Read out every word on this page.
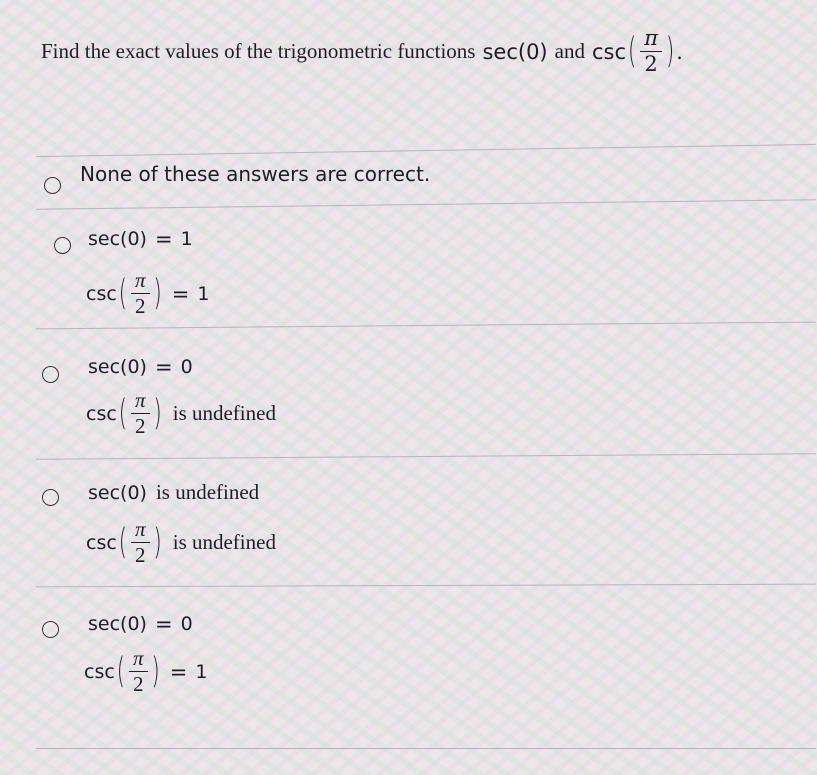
Find the exact values of the trigonometric functions sec(0) and csc ( $\frac{\pi}{2}$ ) .
None of these answers are correct.
sec(0) = 1
csc ( $\frac{\pi}{2}$ ) = 1
sec(0) = 0
csc ( $\frac{\pi}{2}$ ) is undefined
sec(0) is undefined
csc ( $\frac{\pi}{2}$ ) is undefined
sec(0) = 0
csc ( $\frac{\pi}{2}$ ) = 1
